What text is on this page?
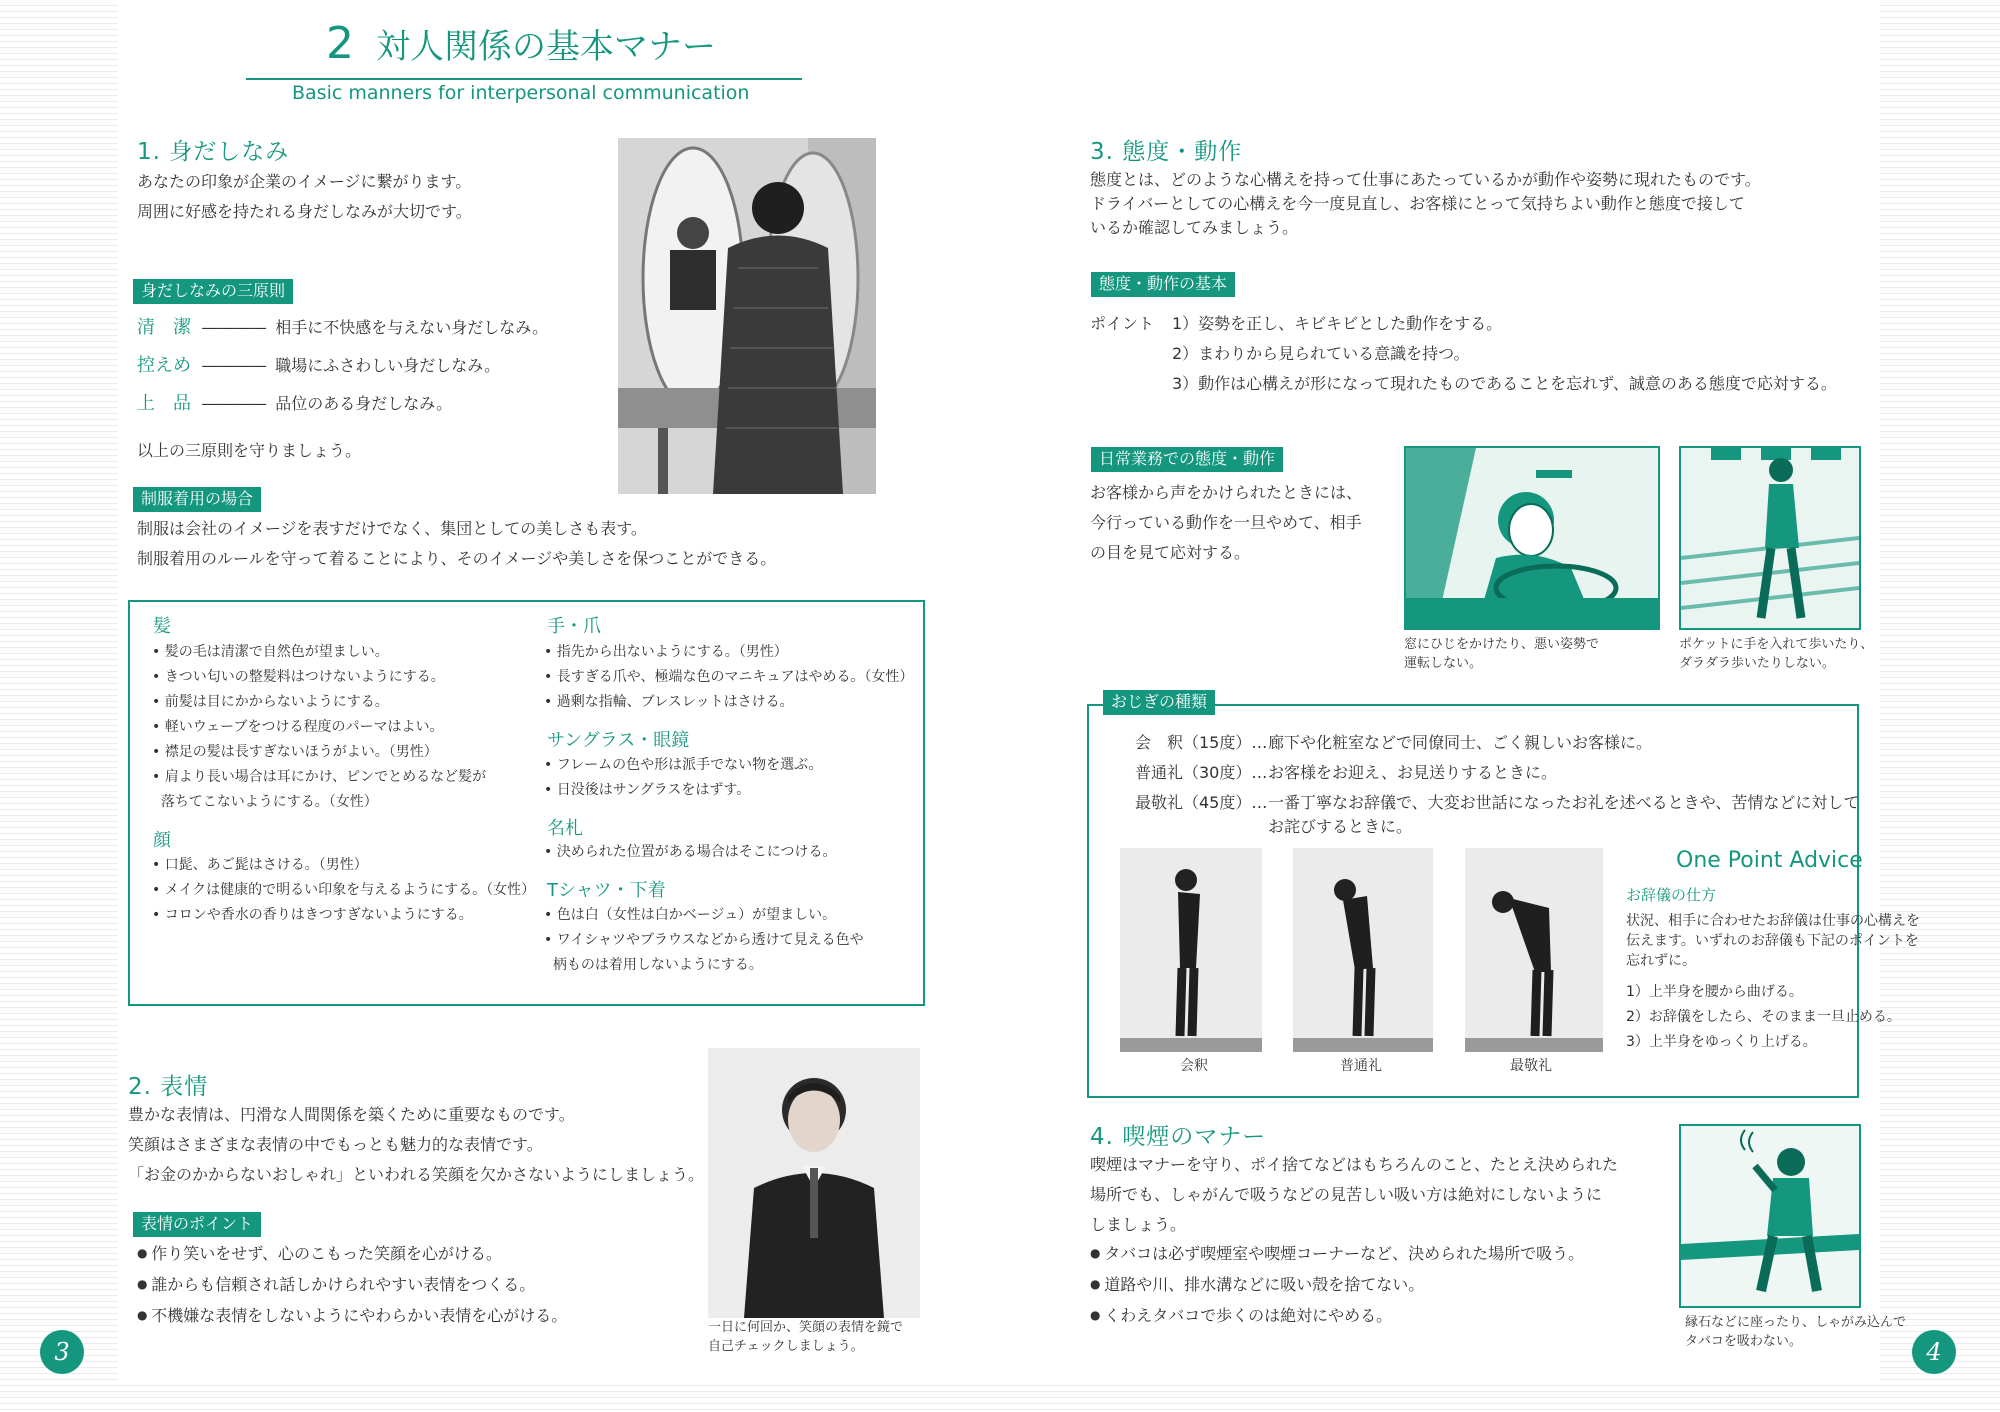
2 対人関係の基本マナー
Basic manners for interpersonal communication
1. 身だしなみ
あなたの印象が企業のイメージに繋がります。
周囲に好感を持たれる身だしなみが大切です。
身だしなみの三原則
清　潔 ―――― 相手に不快感を与えない身だしなみ。
控えめ ―――― 職場にふさわしい身だしなみ。
上　品 ―――― 品位のある身だしなみ。
以上の三原則を守りましょう。
制服着用の場合
制服は会社のイメージを表すだけでなく、集団としての美しさも表す。
制服着用のルールを守って着ることにより、そのイメージや美しさを保つことができる。
髪
• 髪の毛は清潔で自然色が望ましい。
• きつい匂いの整髪料はつけないようにする。
• 前髪は目にかからないようにする。
• 軽いウェーブをつける程度のパーマはよい。
• 襟足の髪は長すぎないほうがよい。（男性）
• 肩より長い場合は耳にかけ、ピンでとめるなど髪が
落ちてこないようにする。（女性）
顔
• 口髭、あご髭はさける。（男性）
• メイクは健康的で明るい印象を与えるようにする。（女性）
• コロンや香水の香りはきつすぎないようにする。
手・爪
• 指先から出ないようにする。（男性）
• 長すぎる爪や、極端な色のマニキュアはやめる。（女性）
• 過剰な指輪、ブレスレットはさける。
サングラス・眼鏡
• フレームの色や形は派手でない物を選ぶ。
• 日没後はサングラスをはずす。
名札
• 決められた位置がある場合はそこにつける。
Tシャツ・下着
• 色は白（女性は白かベージュ）が望ましい。
• ワイシャツやブラウスなどから透けて見える色や
柄ものは着用しないようにする。
2. 表情
豊かな表情は、円滑な人間関係を築くために重要なものです。
笑顔はさまざまな表情の中でもっとも魅力的な表情です。
「お金のかからないおしゃれ」といわれる笑顔を欠かさないようにしましょう。
表情のポイント
● 作り笑いをせず、心のこもった笑顔を心がける。
● 誰からも信頼され話しかけられやすい表情をつくる。
● 不機嫌な表情をしないようにやわらかい表情を心がける。
一日に何回か、笑顔の表情を鏡で
自己チェックしましょう。
3
3. 態度・動作
態度とは、どのような心構えを持って仕事にあたっているかが動作や姿勢に現れたものです。
ドライバーとしての心構えを今一度見直し、お客様にとって気持ちよい動作と態度で接して
いるか確認してみましょう。
態度・動作の基本
ポイント 1）姿勢を正し、キビキビとした動作をする。
2）まわりから見られている意識を持つ。
3）動作は心構えが形になって現れたものであることを忘れず、誠意のある態度で応対する。
日常業務での態度・動作
お客様から声をかけられたときには、
今行っている動作を一旦やめて、相手
の目を見て応対する。
窓にひじをかけたり、悪い姿勢で
運転しない。
ポケットに手を入れて歩いたり、
ダラダラ歩いたりしない。
おじぎの種類
会　釈（15度）… 廊下や化粧室などで同僚同士、ごく親しいお客様に。
普通礼（30度）… お客様をお迎え、お見送りするときに。
最敬礼（45度）… 一番丁寧なお辞儀で、大変お世話になったお礼を述べるときや、苦情などに対して
お詫びするときに。
会釈	普通礼	最敬礼
One Point Advice
お辞儀の仕方
状況、相手に合わせたお辞儀は仕事の心構えを
伝えます。いずれのお辞儀も下記のポイントを
忘れずに。
1）上半身を腰から曲げる。
2）お辞儀をしたら、そのまま一旦止める。
3）上半身をゆっくり上げる。
4. 喫煙のマナー
喫煙はマナーを守り、ポイ捨てなどはもちろんのこと、たとえ決められた
場所でも、しゃがんで吸うなどの見苦しい吸い方は絶対にしないように
しましょう。
● タバコは必ず喫煙室や喫煙コーナーなど、決められた場所で吸う。
● 道路や川、排水溝などに吸い殻を捨てない。
● くわえタバコで歩くのは絶対にやめる。	縁石などに座ったり、しゃがみ込んで
タバコを吸わない。	4
